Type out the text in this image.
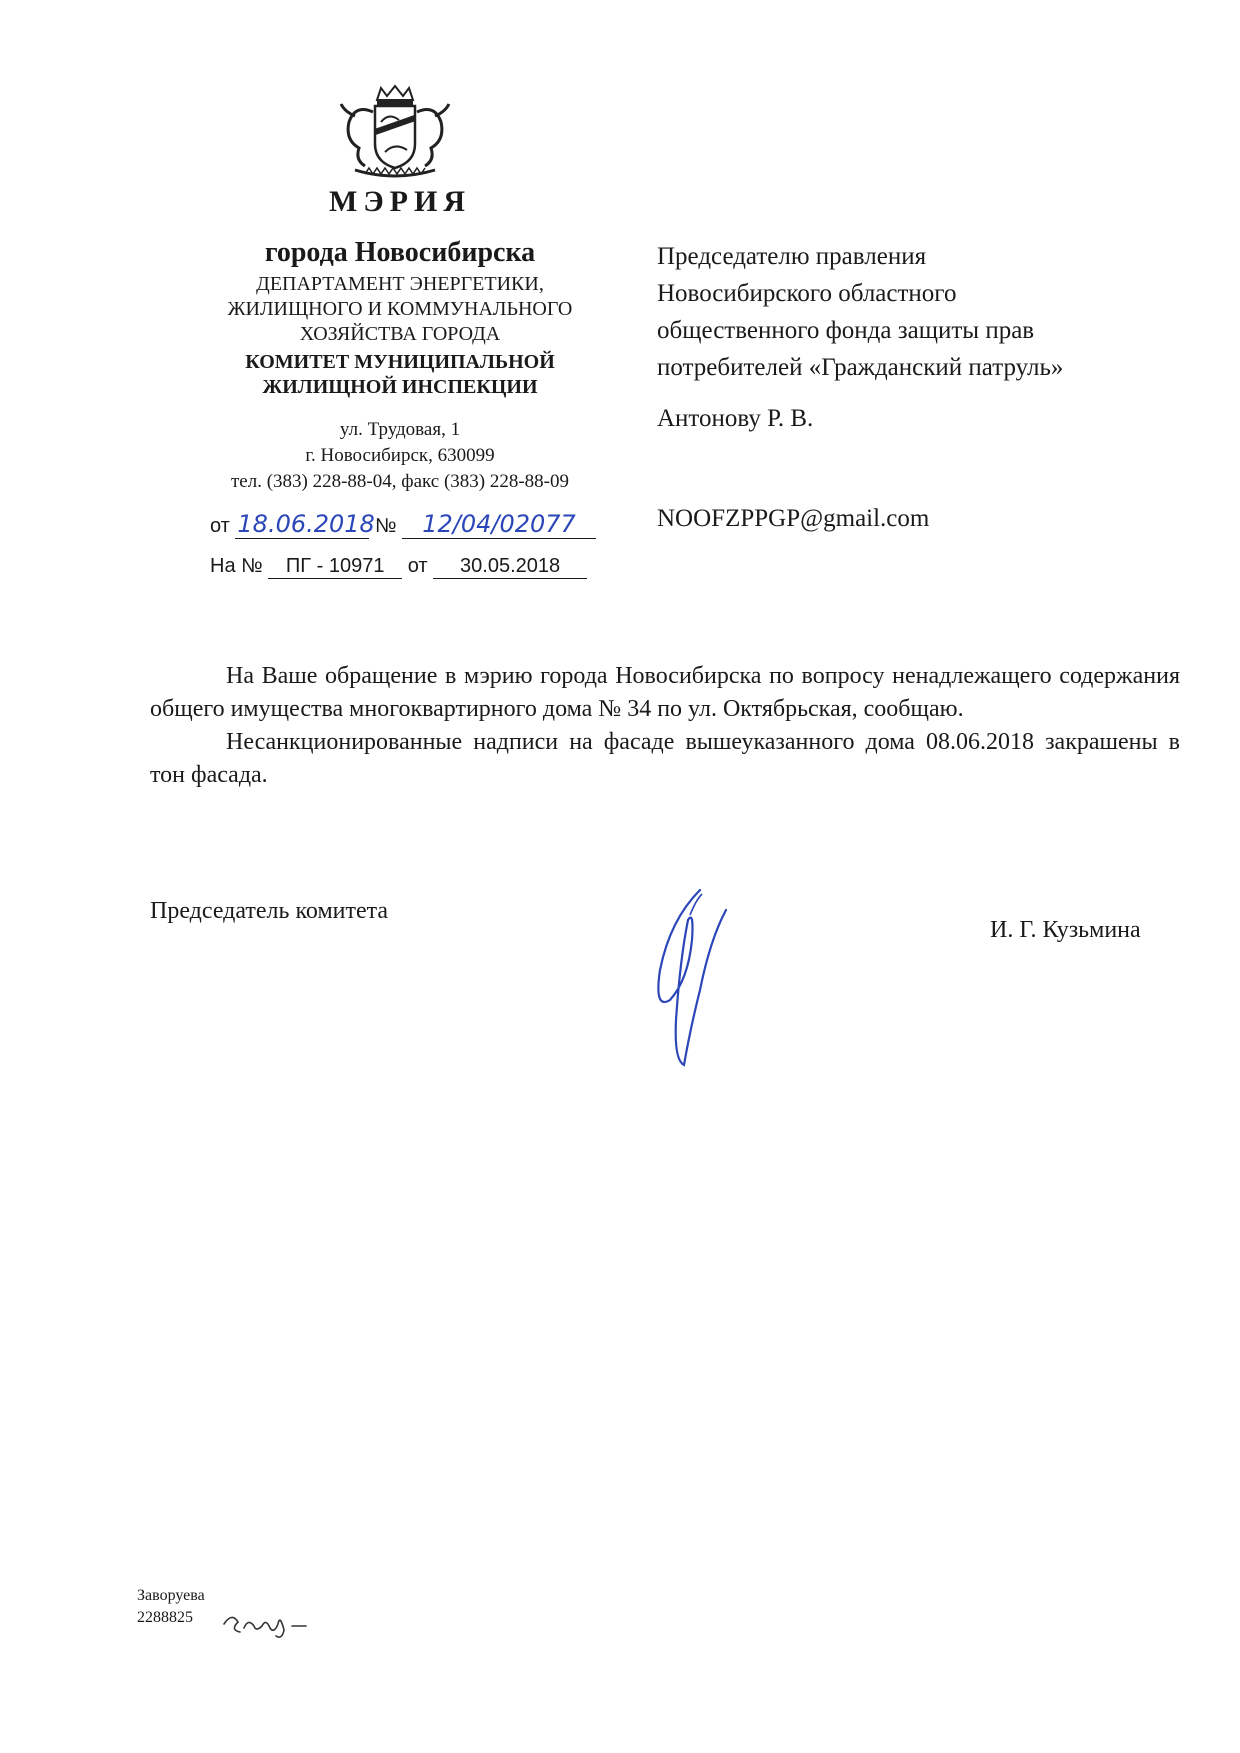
МЭРИЯ
города Новосибирска
ДЕПАРТАМЕНТ ЭНЕРГЕТИКИ,
ЖИЛИЩНОГО И КОММУНАЛЬНОГО
ХОЗЯЙСТВА ГОРОДА
КОМИТЕТ МУНИЦИПАЛЬНОЙ
ЖИЛИЩНОЙ ИНСПЕКЦИИ
ул. Трудовая, 1
г. Новосибирск, 630099
тел. (383) 228-88-04, факс (383) 228-88-09
от 18.06.2018 № 12/04/02077
На № ПГ - 10971 от 30.05.2018
Председателю правления
Новосибирского областного
общественного фонда защиты прав
потребителей «Гражданский патруль»
Антонову Р. В.
NOOFZPPGP@gmail.com

На Ваше обращение в мэрию города Новосибирска по вопросу ненадлежащего содержания общего имущества многоквартирного дома № 34 по ул. Октябрьская, сообщаю.

Несанкционированные надписи на фасаде вышеуказанного дома 08.06.2018 закрашены в тон фасада.

Председатель комитета
И. Г. Кузьмина
Заворуева
2288825
